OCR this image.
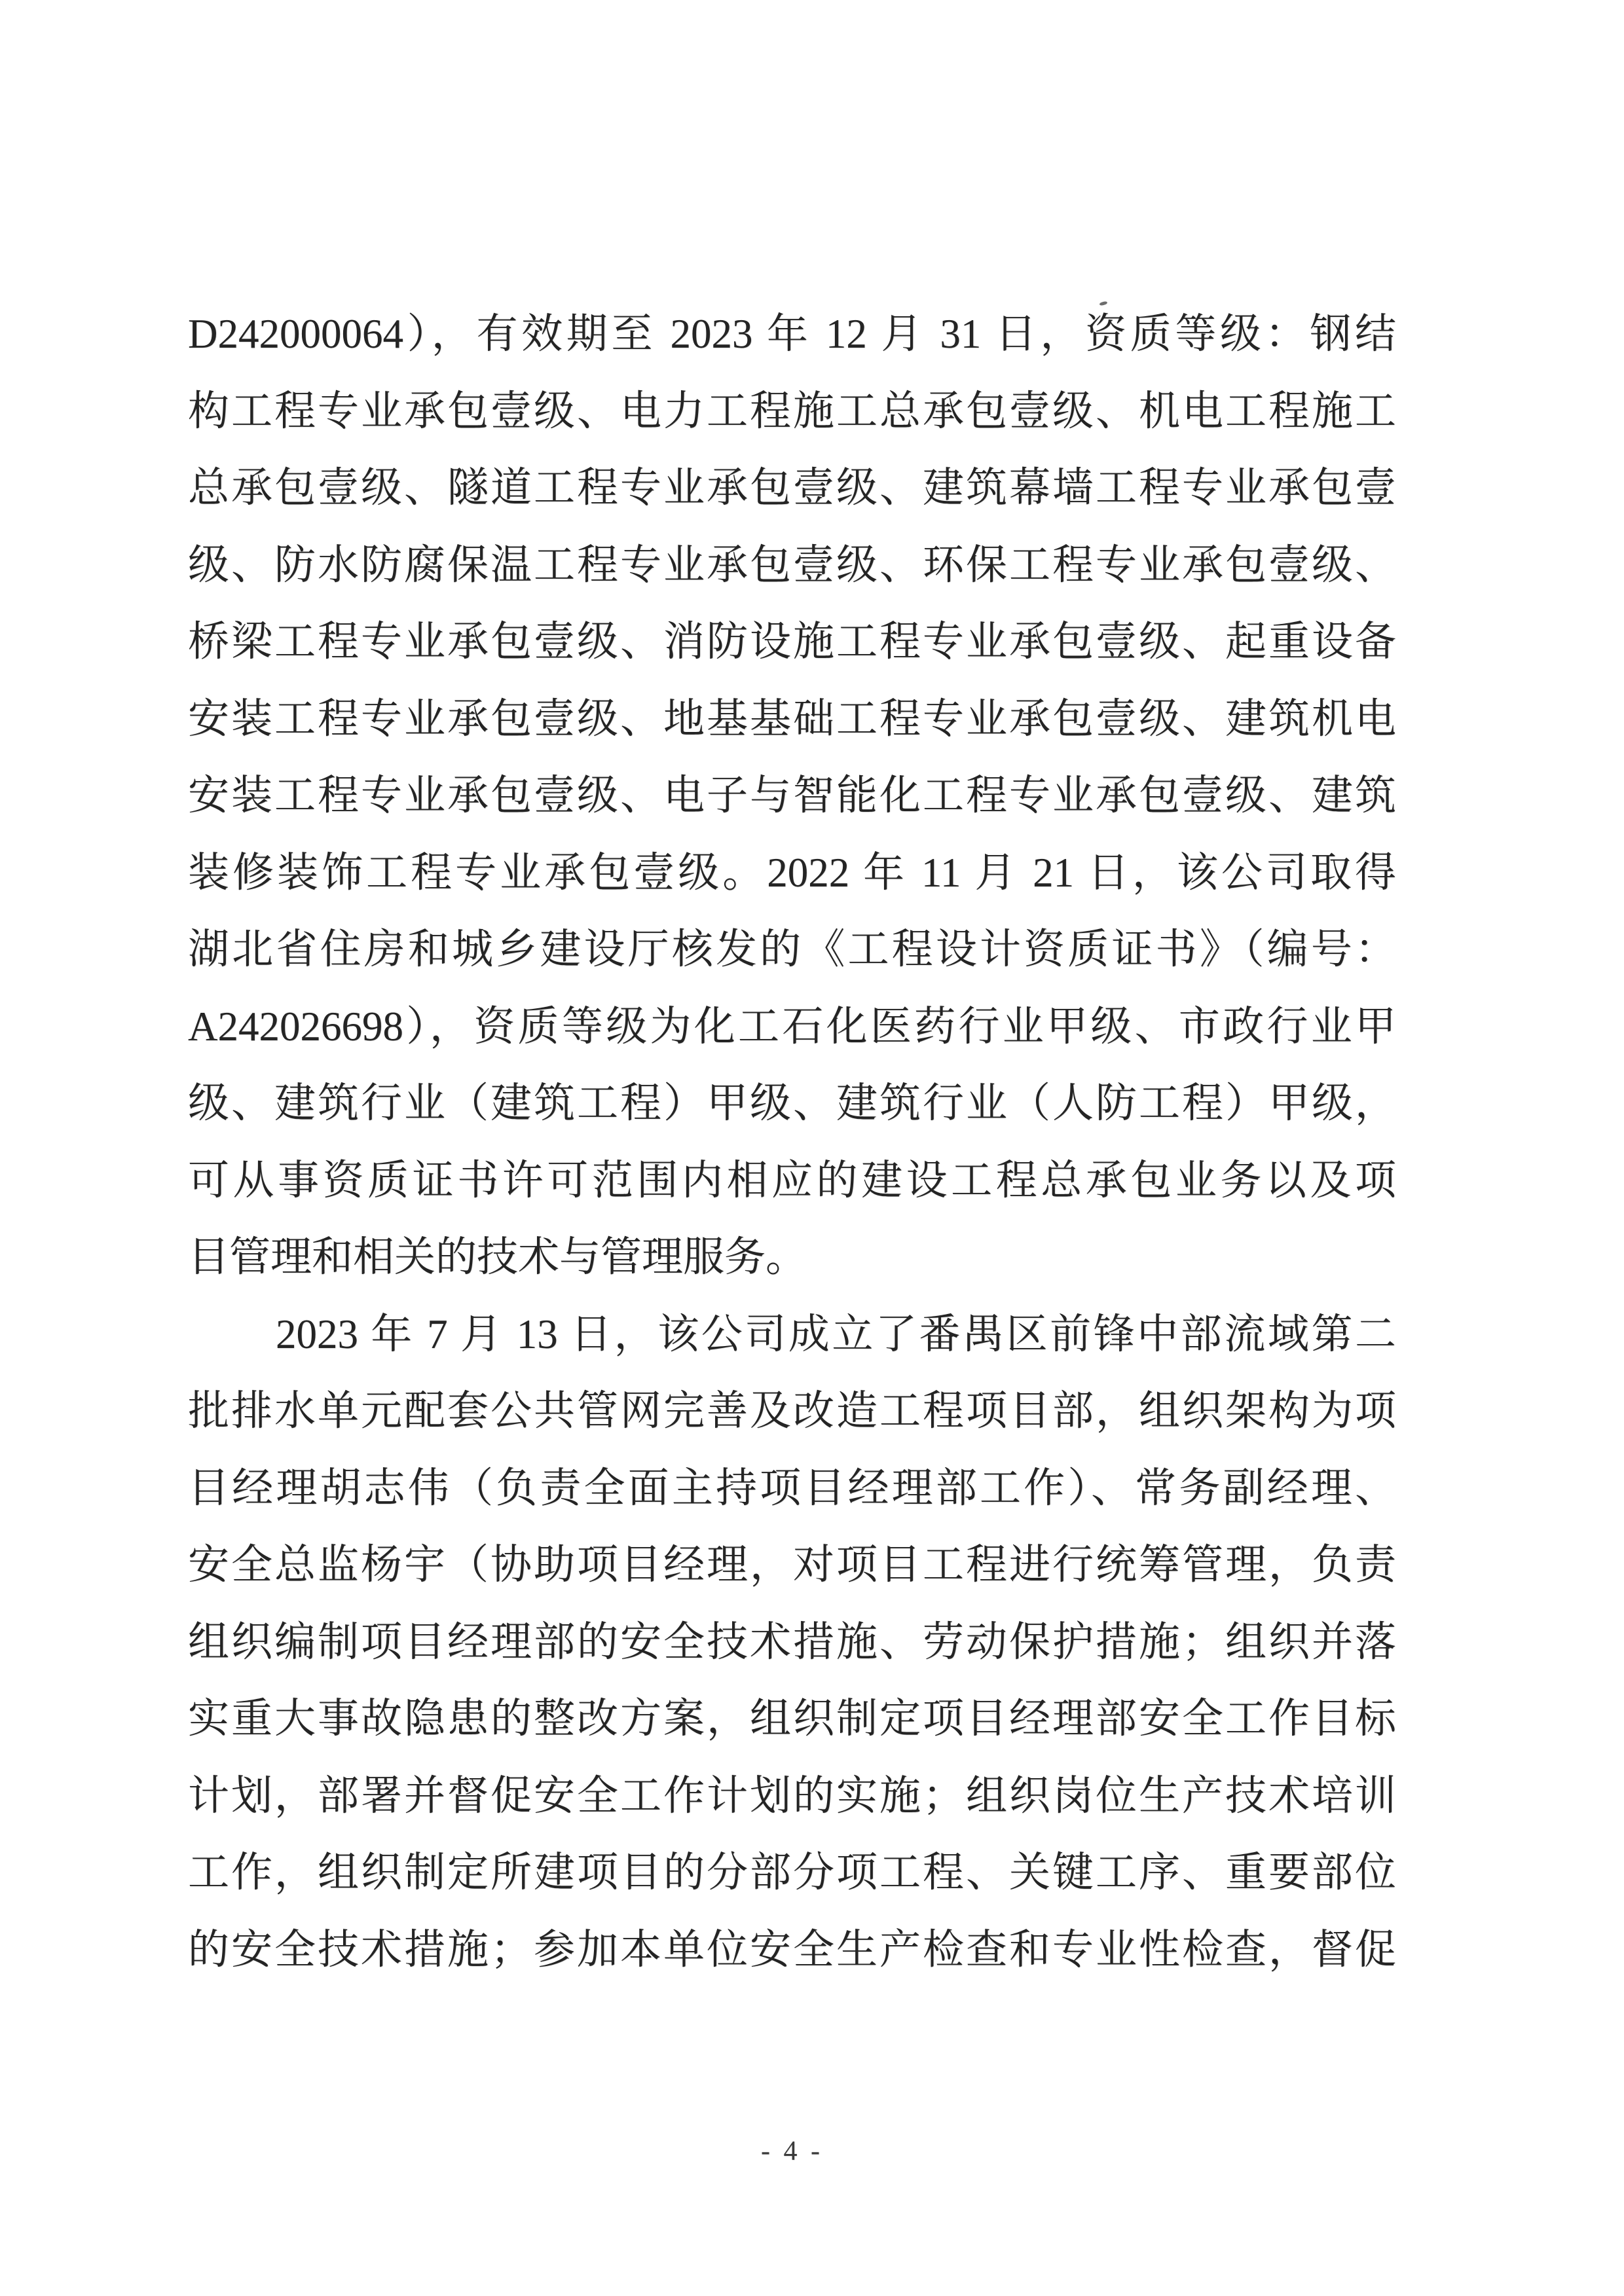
D242000064），有效期至 2023 年 12 月 31 日，资质等级：钢结

构工程专业承包壹级、电力工程施工总承包壹级、机电工程施工

总承包壹级、隧道工程专业承包壹级、建筑幕墙工程专业承包壹

级、防水防腐保温工程专业承包壹级、环保工程专业承包壹级、

桥梁工程专业承包壹级、消防设施工程专业承包壹级、起重设备

安装工程专业承包壹级、地基基础工程专业承包壹级、建筑机电

安装工程专业承包壹级、电子与智能化工程专业承包壹级、建筑

装修装饰工程专业承包壹级。2022 年 11 月 21 日，该公司取得

湖北省住房和城乡建设厅核发的《工程设计资质证书》（编号：

A242026698），资质等级为化工石化医药行业甲级、市政行业甲

级、建筑行业（建筑工程）甲级、建筑行业（人防工程）甲级，

可从事资质证书许可范围内相应的建设工程总承包业务以及项

目管理和相关的技术与管理服务。

2023 年 7 月 13 日，该公司成立了番禺区前锋中部流域第二

批排水单元配套公共管网完善及改造工程项目部，组织架构为项

目经理胡志伟（负责全面主持项目经理部工作）、常务副经理、

安全总监杨宇（协助项目经理，对项目工程进行统筹管理，负责

组织编制项目经理部的安全技术措施、劳动保护措施；组织并落

实重大事故隐患的整改方案，组织制定项目经理部安全工作目标

计划，部署并督促安全工作计划的实施；组织岗位生产技术培训

工作，组织制定所建项目的分部分项工程、关键工序、重要部位

的安全技术措施；参加本单位安全生产检查和专业性检查，督促

- 4 -
